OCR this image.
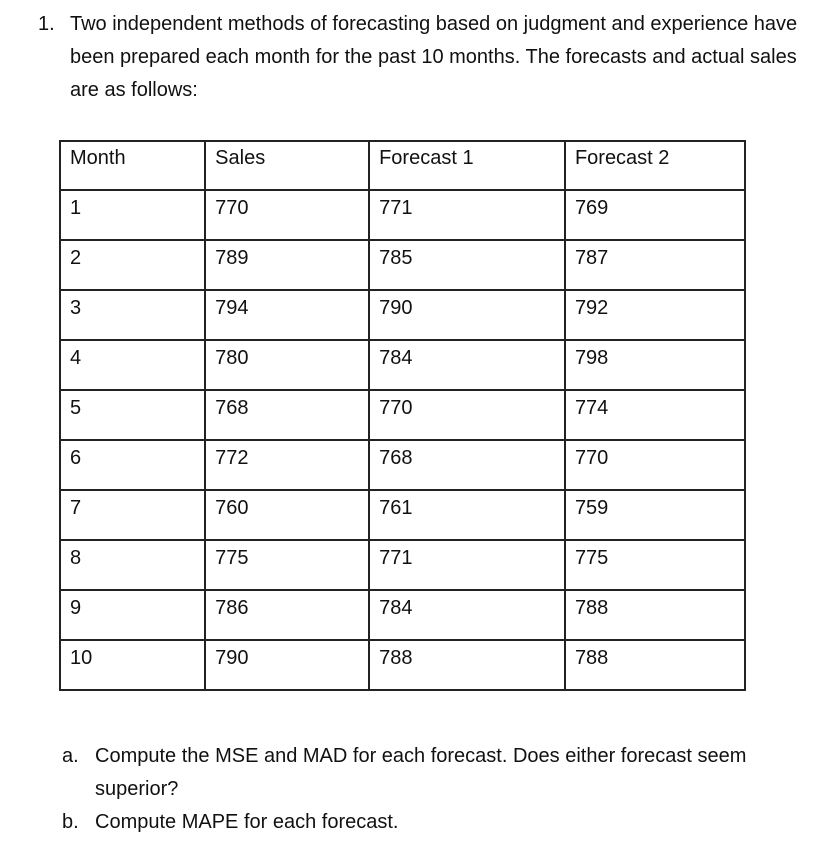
1. Two independent methods of forecasting based on judgment and experience have been prepared each month for the past 10 months. The forecasts and actual sales are as follows:
Month	Sales	Forecast 1	Forecast 2
1	770	771	769
2	789	785	787
3	794	790	792
4	780	784	798
5	768	770	774
6	772	768	770
7	760	761	759
8	775	771	775
9	786	784	788
10	790	788	788
a. Compute the MSE and MAD for each forecast. Does either forecast seem superior?
b. Compute MAPE for each forecast.
